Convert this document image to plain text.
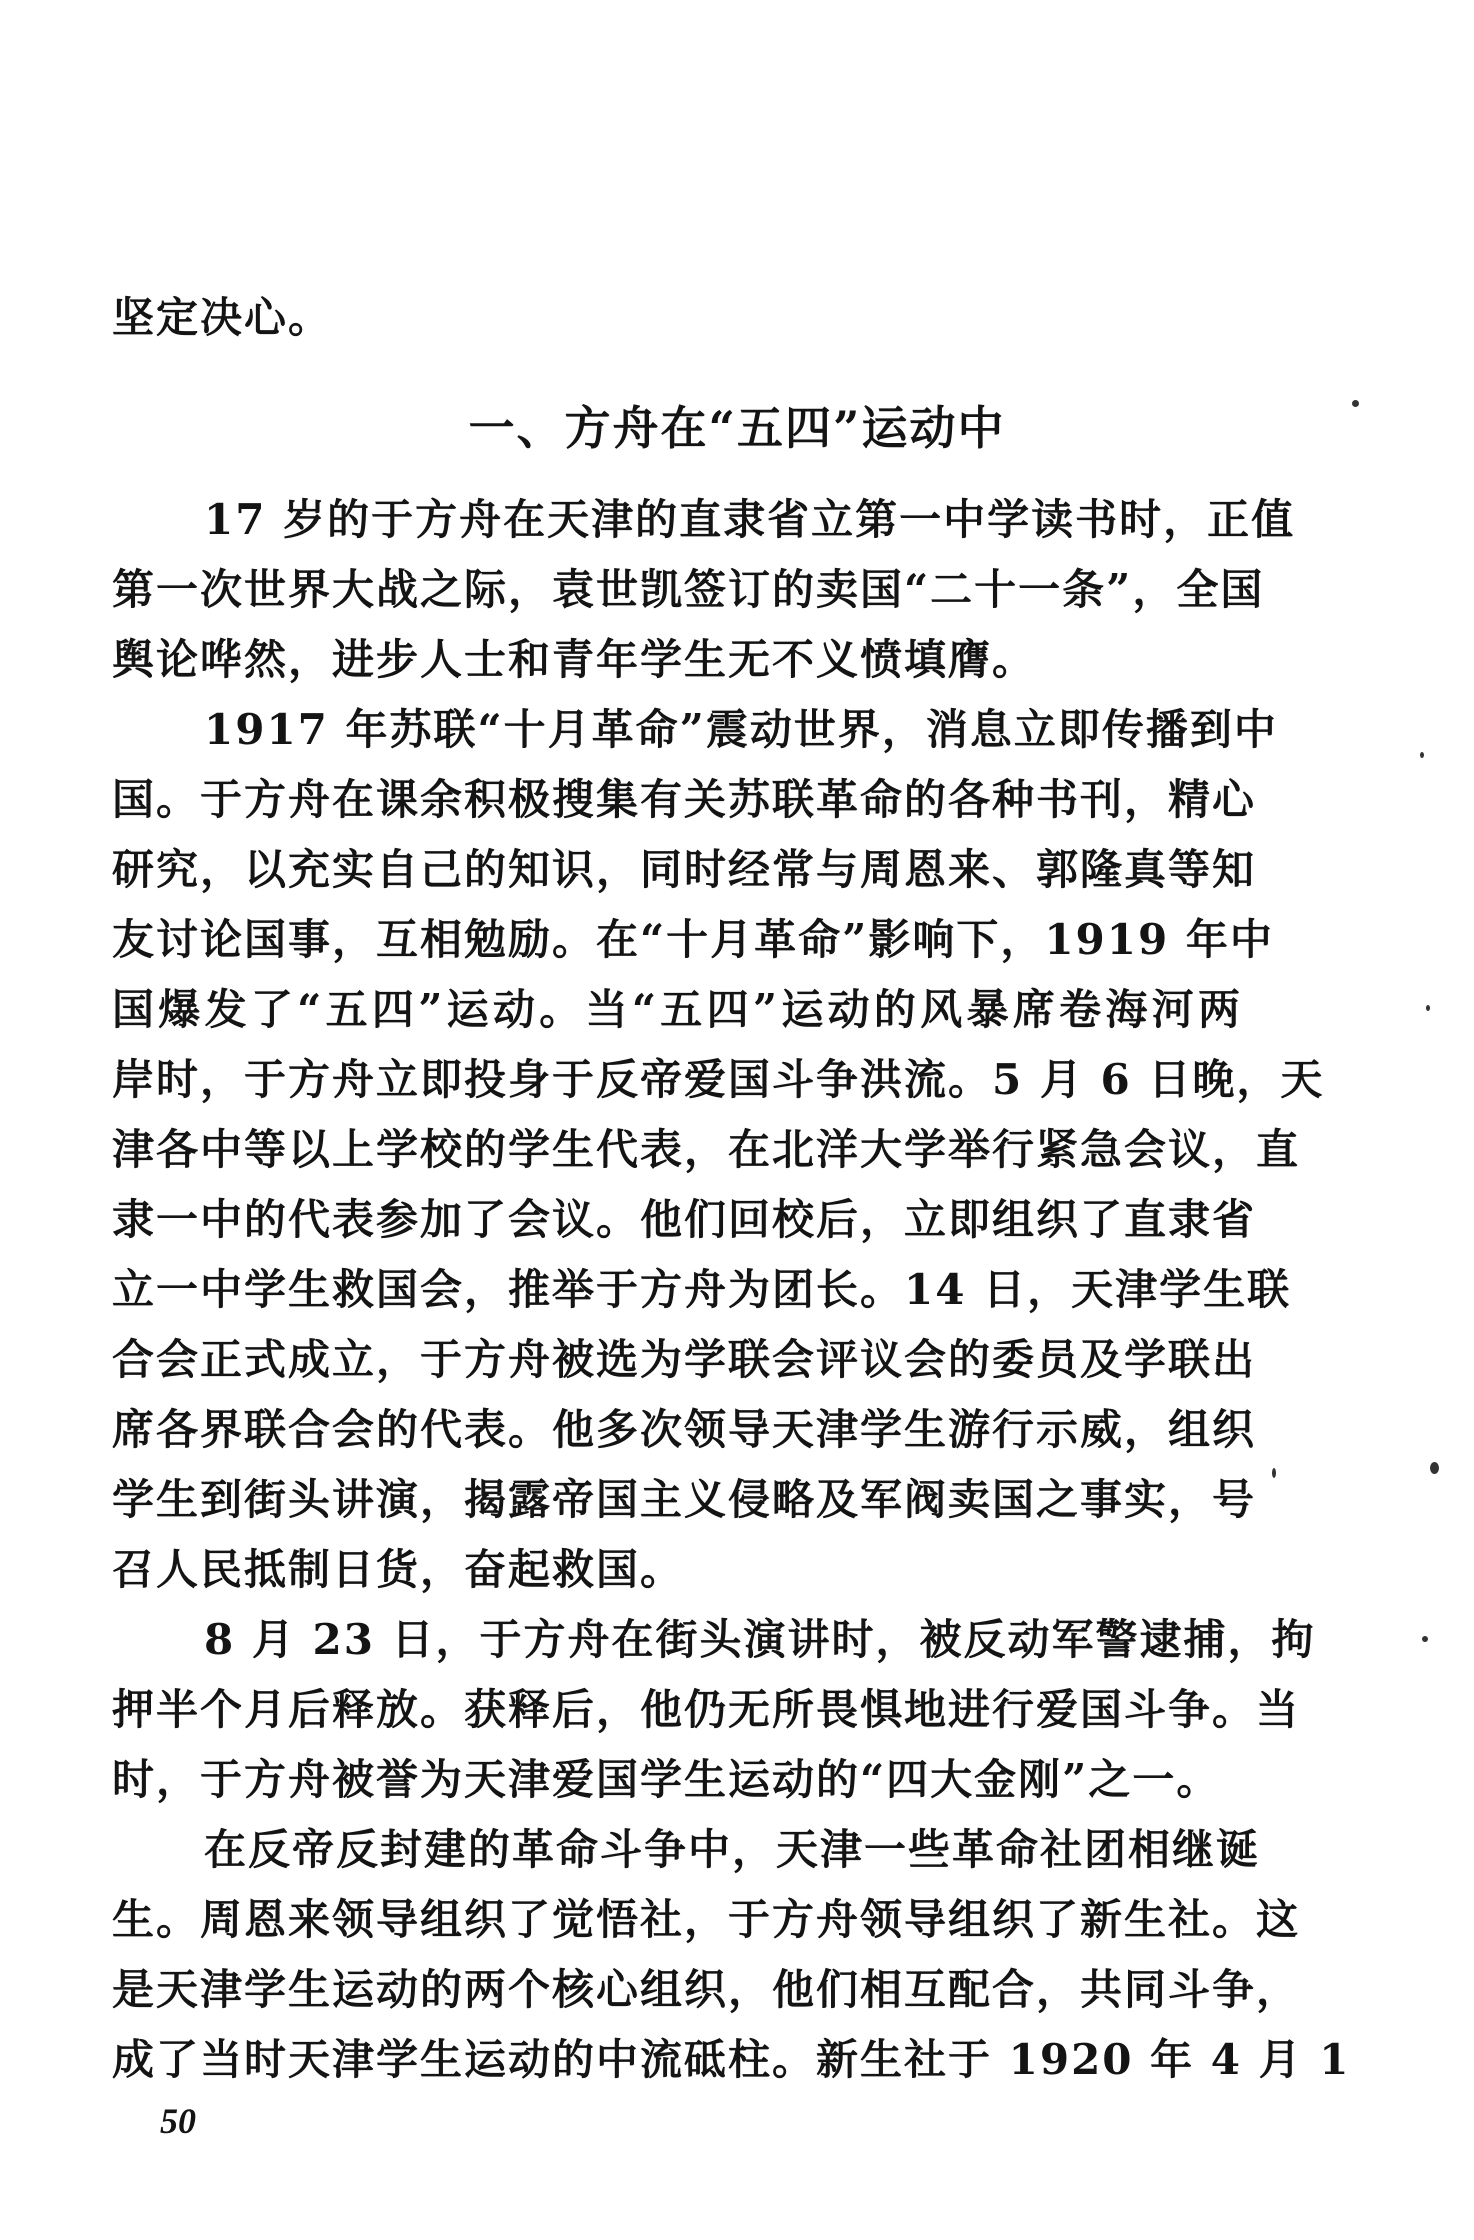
坚定决心。
一、方舟在“五四”运动中
17 岁的于方舟在天津的直隶省立第一中学读书时，正值
第一次世界大战之际，袁世凯签订的卖国“二十一条”，全国
舆论哗然，进步人士和青年学生无不义愤填膺。
1917 年苏联“十月革命”震动世界，消息立即传播到中
国。于方舟在课余积极搜集有关苏联革命的各种书刊，精心
研究，以充实自己的知识，同时经常与周恩来、郭隆真等知
友讨论国事，互相勉励。在“十月革命”影响下，1919 年中
国爆发了“五四”运动。当“五四”运动的风暴席卷海河两
岸时，于方舟立即投身于反帝爱国斗争洪流。5 月 6 日晚，天
津各中等以上学校的学生代表，在北洋大学举行紧急会议，直
隶一中的代表参加了会议。他们回校后，立即组织了直隶省
立一中学生救国会，推举于方舟为团长。14 日，天津学生联
合会正式成立，于方舟被选为学联会评议会的委员及学联出
席各界联合会的代表。他多次领导天津学生游行示威，组织
学生到街头讲演，揭露帝国主义侵略及军阀卖国之事实，号
召人民抵制日货，奋起救国。
8 月 23 日，于方舟在街头演讲时，被反动军警逮捕，拘
押半个月后释放。获释后，他仍无所畏惧地进行爱国斗争。当
时，于方舟被誉为天津爱国学生运动的“四大金刚”之一。
在反帝反封建的革命斗争中，天津一些革命社团相继诞
生。周恩来领导组织了觉悟社，于方舟领导组织了新生社。这
是天津学生运动的两个核心组织，他们相互配合，共同斗争，
成了当时天津学生运动的中流砥柱。新生社于 1920 年 4 月 1
50
